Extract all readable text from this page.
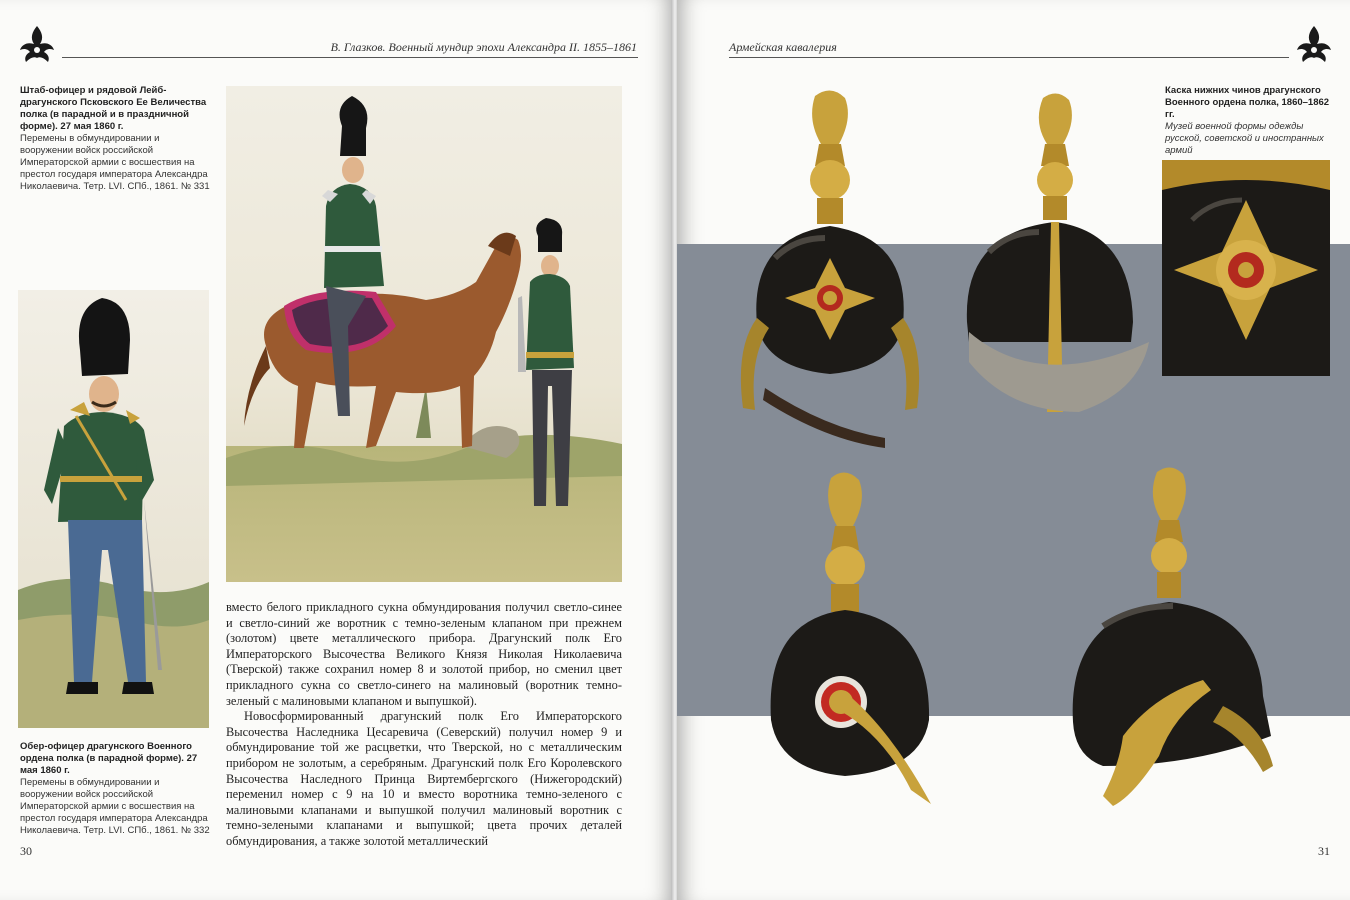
В. Глазков. Военный мундир эпохи Александра II. 1855–1861
Штаб-офицер и рядовой Лейб-драгунского Псковского Ее Величества полка (в парадной и в праздничной форме). 27 мая 1860 г.
Перемены в обмундировании и вооружении войск российской Императорской армии с восшествия на престол государя императора Александра Николаевича. Тетр. LVI. СПб., 1861. № 331
Обер-офицер драгунского Военного ордена полка (в парадной форме). 27 мая 1860 г.
Перемены в обмундировании и вооружении войск российской Императорской армии с восшествия на престол государя императора Александра Николаевича. Тетр. LVI. СПб., 1861. № 332

вместо белого прикладного сукна обмундирования получил светло-синее и светло-синий же воротник с темно-зеленым клапаном при прежнем (золотом) цвете металлического прибора. Драгунский полк Его Императорского Высочества Великого Князя Николая Николаевича (Тверской) также сохранил номер 8 и золотой прибор, но сменил цвет прикладного сукна со светло-синего на малиновый (воротник темно-зеленый с малиновыми клапаном и выпушкой).

Новосформированный драгунский полк Его Императорского Высочества Наследника Цесаревича (Северский) получил номер 9 и обмундирование той же расцветки, что Тверской, но с металлическим прибором не золотым, а серебряным. Драгунский полк Его Королевского Высочества Наследного Принца Виртембергского (Нижегородский) переменил номер с 9 на 10 и вместо воротника темно-зеленого с малиновыми клапанами и выпушкой получил малиновый воротник с темно-зелеными клапанами и выпушкой; цвета прочих деталей обмундирования, а также золотой металлический

30
Армейская кавалерия
Каска нижних чинов драгунского Военного ордена полка, 1860–1862 гг.
Музей военной формы одежды русской, советской и иностранных армий
31
